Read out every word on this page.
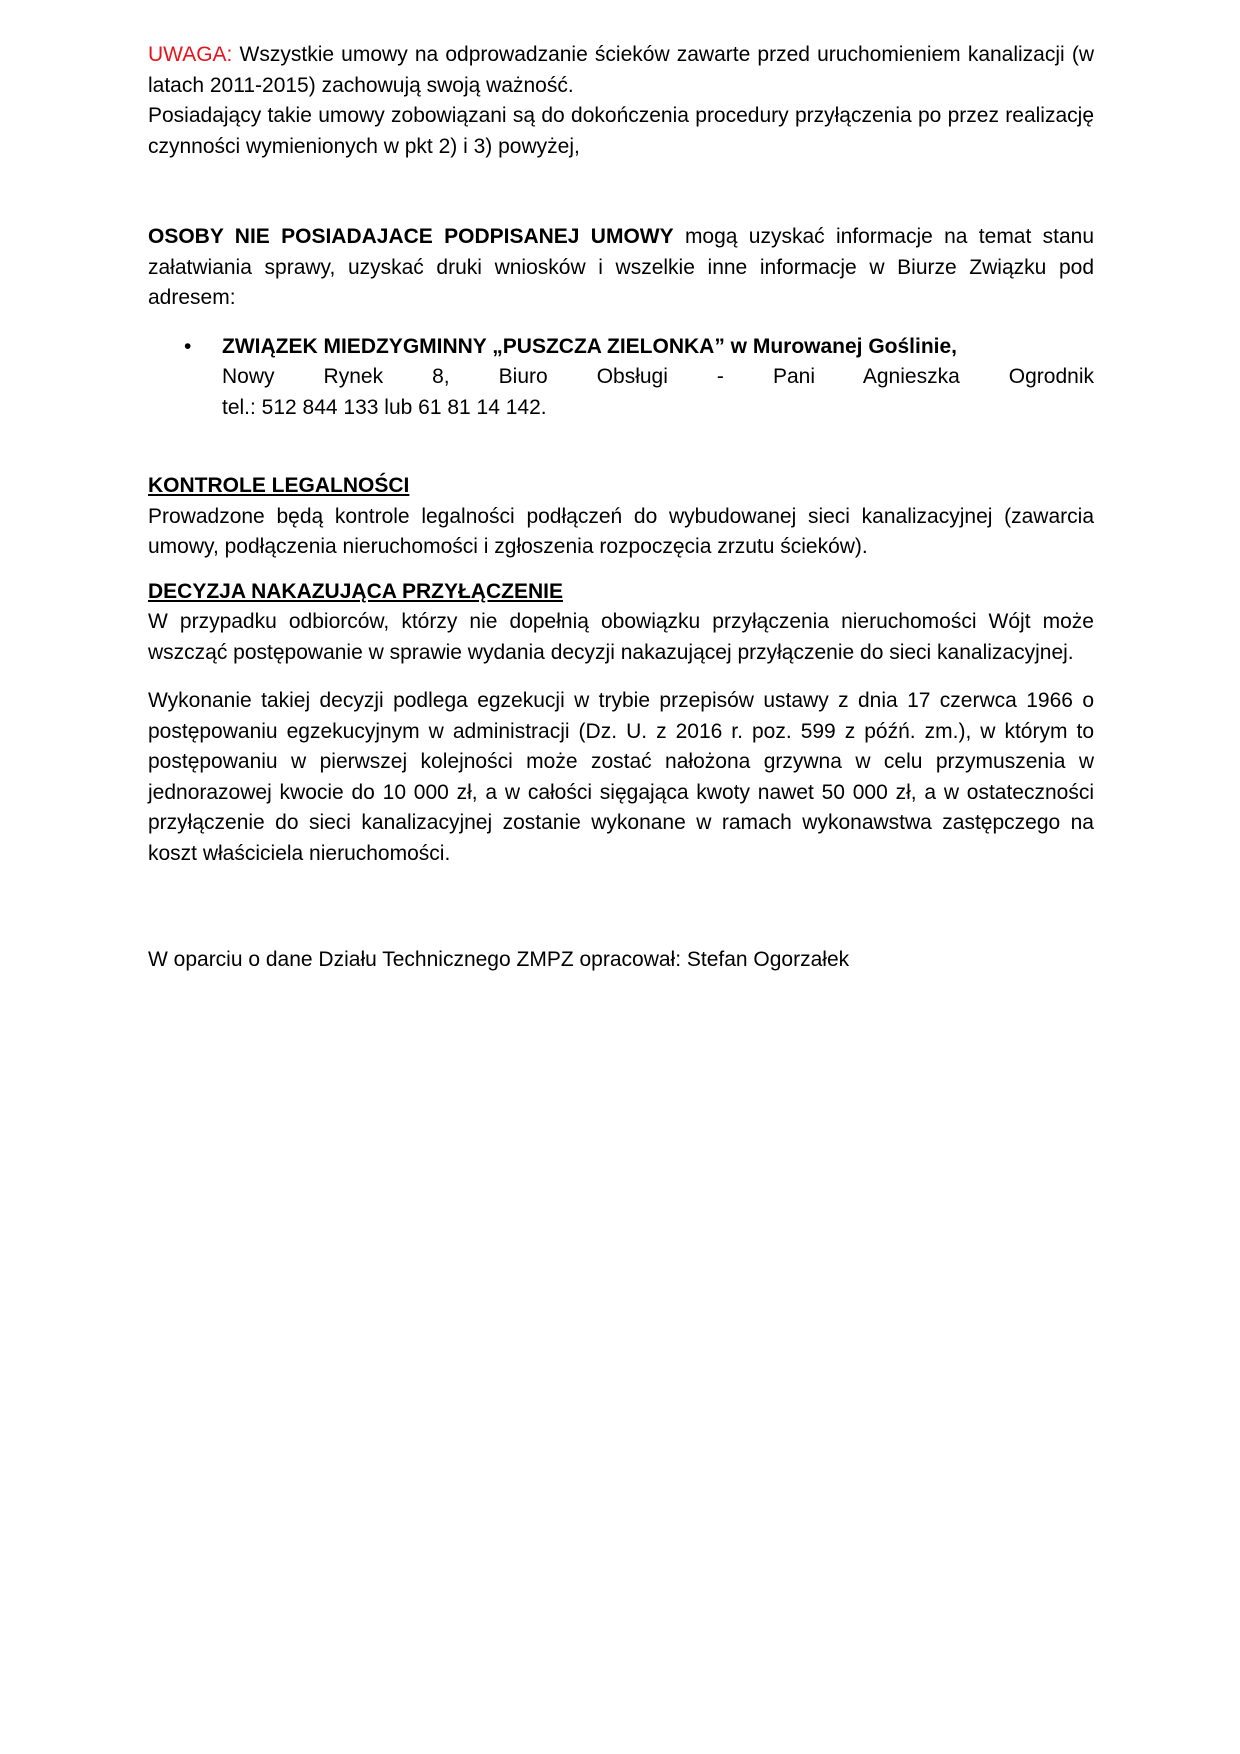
UWAGA: Wszystkie umowy na odprowadzanie ścieków zawarte przed uruchomieniem kanalizacji (w latach 2011-2015) zachowują swoją ważność.

Posiadający takie umowy zobowiązani są do dokończenia procedury przyłączenia po przez realizację czynności wymienionych w pkt 2) i 3) powyżej,

OSOBY NIE POSIADAJACE PODPISANEJ UMOWY mogą uzyskać informacje na temat stanu załatwiania sprawy, uzyskać druki wniosków i wszelkie inne informacje w Biurze Związku pod adresem:

• ZWIĄZEK MIEDZYGMINNY „PUSZCZA ZIELONKA” w Murowanej Goślinie,

Nowy Rynek 8, Biuro Obsługi - Pani Agnieszka Ogrodnik

tel.: 512 844 133 lub 61 81 14 142.

KONTROLE LEGALNOŚCI

Prowadzone będą kontrole legalności podłączeń do wybudowanej sieci kanalizacyjnej (zawarcia umowy, podłączenia nieruchomości i zgłoszenia rozpoczęcia zrzutu ścieków).

DECYZJA NAKAZUJĄCA PRZYŁĄCZENIE

W przypadku odbiorców, którzy nie dopełnią obowiązku przyłączenia nieruchomości Wójt może wszcząć postępowanie w sprawie wydania decyzji nakazującej przyłączenie do sieci kanalizacyjnej.

Wykonanie takiej decyzji podlega egzekucji w trybie przepisów ustawy z dnia 17 czerwca 1966 o postępowaniu egzekucyjnym w administracji (Dz. U. z 2016 r. poz. 599 z późń. zm.), w którym to postępowaniu w pierwszej kolejności może zostać nałożona grzywna w celu przymuszenia w jednorazowej kwocie do 10 000 zł, a w całości sięgająca kwoty nawet 50 000 zł, a w ostateczności przyłączenie do sieci kanalizacyjnej zostanie wykonane w ramach wykonawstwa zastępczego na koszt właściciela nieruchomości.

W oparciu o dane Działu Technicznego ZMPZ opracował: Stefan Ogorzałek
